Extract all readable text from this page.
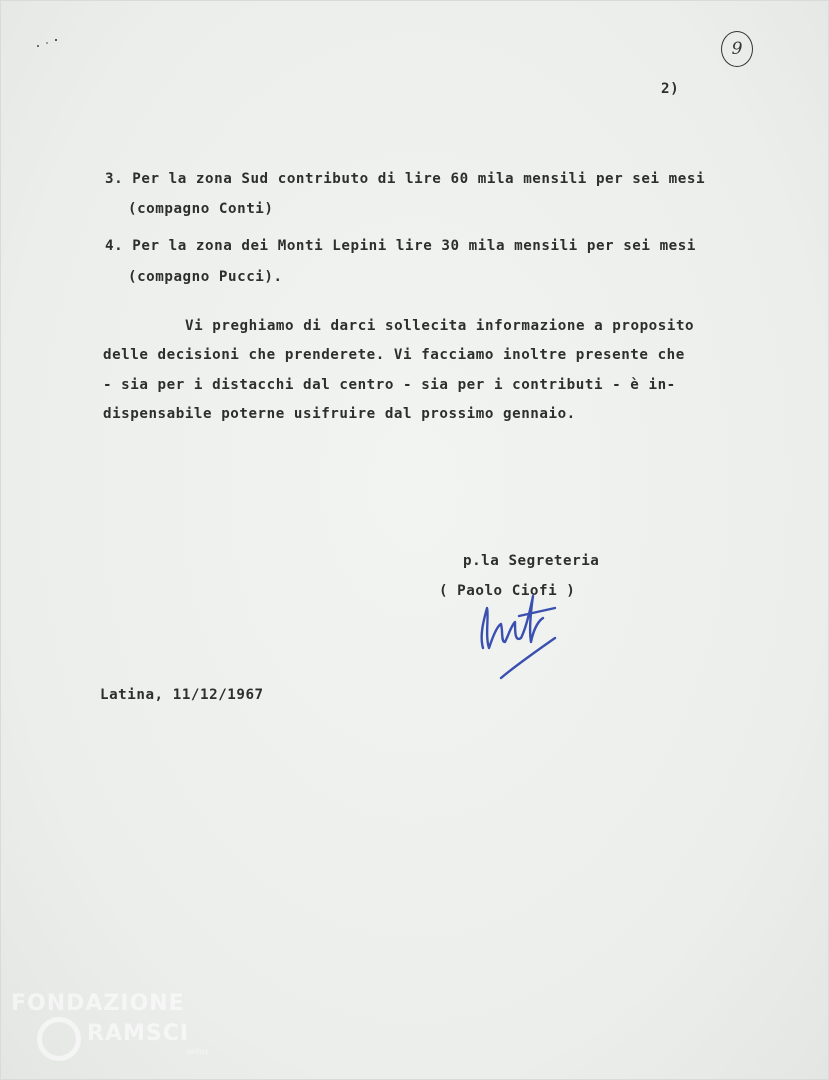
9
2)
3. Per la zona Sud contributo di lire 60 mila mensili per sei mesi
(compagno Conti)
4. Per la zona dei Monti Lepini lire 30 mila mensili per sei mesi
(compagno Pucci).
Vi preghiamo di darci sollecita informazione a proposito
delle decisioni che prenderete. Vi facciamo inoltre presente che
- sia per i distacchi dal centro - sia per i contributi - è in-
dispensabile poterne usifruire dal prossimo gennaio.
p.la Segreteria
( Paolo Ciofi )
Latina, 11/12/1967
FONDAZIONE
RAMSCI
onlus
